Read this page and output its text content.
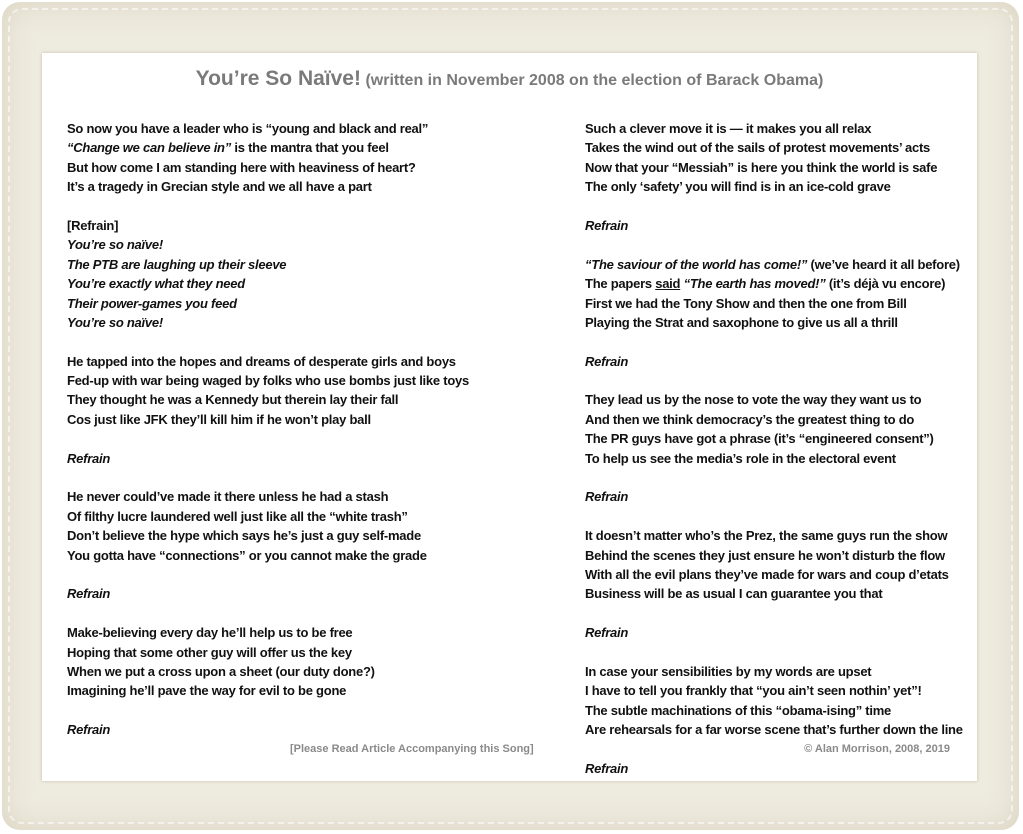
You’re So Naïve! (written in November 2008 on the election of Barack Obama)
So now you have a leader who is “young and black and real”
“Change we can believe in” is the mantra that you feel
But how come I am standing here with heaviness of heart?
It’s a tragedy in Grecian style and we all have a part
[Refrain]
You’re so naïve!
The PTB are laughing up their sleeve
You’re exactly what they need
Their power-games you feed
You’re so naïve!
He tapped into the hopes and dreams of desperate girls and boys
Fed-up with war being waged by folks who use bombs just like toys
They thought he was a Kennedy but therein lay their fall
Cos just like JFK they’ll kill him if he won’t play ball
Refrain
He never could’ve made it there unless he had a stash
Of filthy lucre laundered well just like all the “white trash”
Don’t believe the hype which says he’s just a guy self-made
You gotta have “connections” or you cannot make the grade
Refrain
Make-believing every day he’ll help us to be free
Hoping that some other guy will offer us the key
When we put a cross upon a sheet (our duty done?)
Imagining he’ll pave the way for evil to be gone
Refrain
Such a clever move it is — it makes you all relax
Takes the wind out of the sails of protest movements’ acts
Now that your “Messiah” is here you think the world is safe
The only ‘safety’ you will find is in an ice-cold grave
Refrain
“The saviour of the world has come!” (we’ve heard it all before)
The papers said “The earth has moved!” (it’s déjà vu encore)
First we had the Tony Show and then the one from Bill
Playing the Strat and saxophone to give us all a thrill
Refrain
They lead us by the nose to vote the way they want us to
And then we think democracy’s the greatest thing to do
The PR guys have got a phrase (it’s “engineered consent”)
To help us see the media’s role in the electoral event
Refrain
It doesn’t matter who’s the Prez, the same guys run the show
Behind the scenes they just ensure he won’t disturb the flow
With all the evil plans they’ve made for wars and coup d’etats
Business will be as usual I can guarantee you that
Refrain
In case your sensibilities by my words are upset
I have to tell you frankly that “you ain’t seen nothin’ yet”!
The subtle machinations of this “obama-ising” time
Are rehearsals for a far worse scene that’s further down the line
Refrain
[Please Read Article Accompanying this Song]	© Alan Morrison, 2008, 2019
